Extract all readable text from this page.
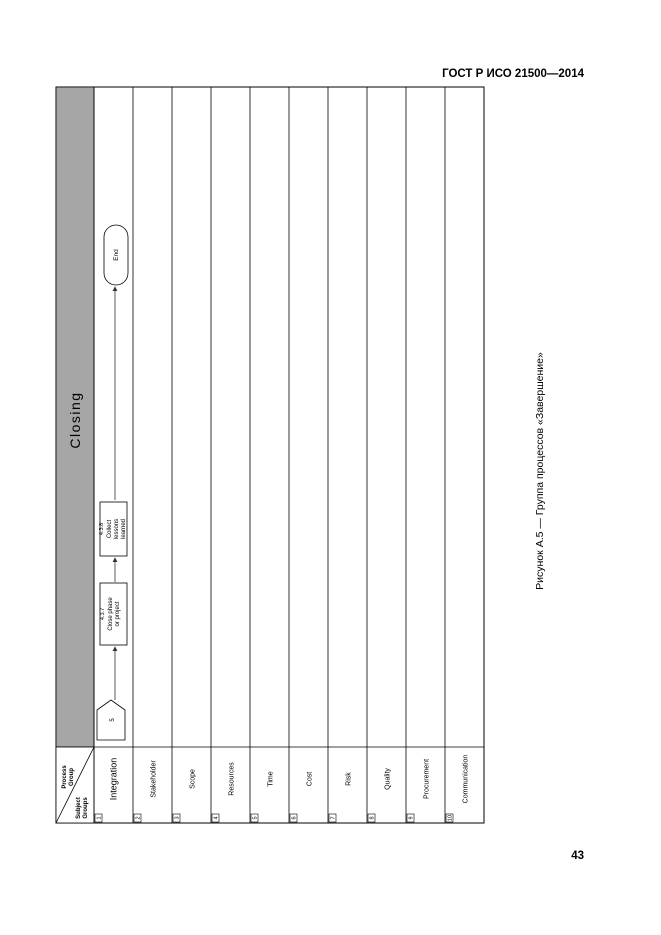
ГОСТ Р ИСО 21500—2014
Process Group
Subject Groups
Closing
1
Integration
2
Stakeholder
3
Scope
4
Resources
5
Time
6
Cost
7
Risk
8
Quality
9
Procurement
10
Communication
5
4.3.7 Close phase or project
4.3.8 Collect lessons learned
End
Рисунок А.5 — Группа процессов «Завершение»
43
